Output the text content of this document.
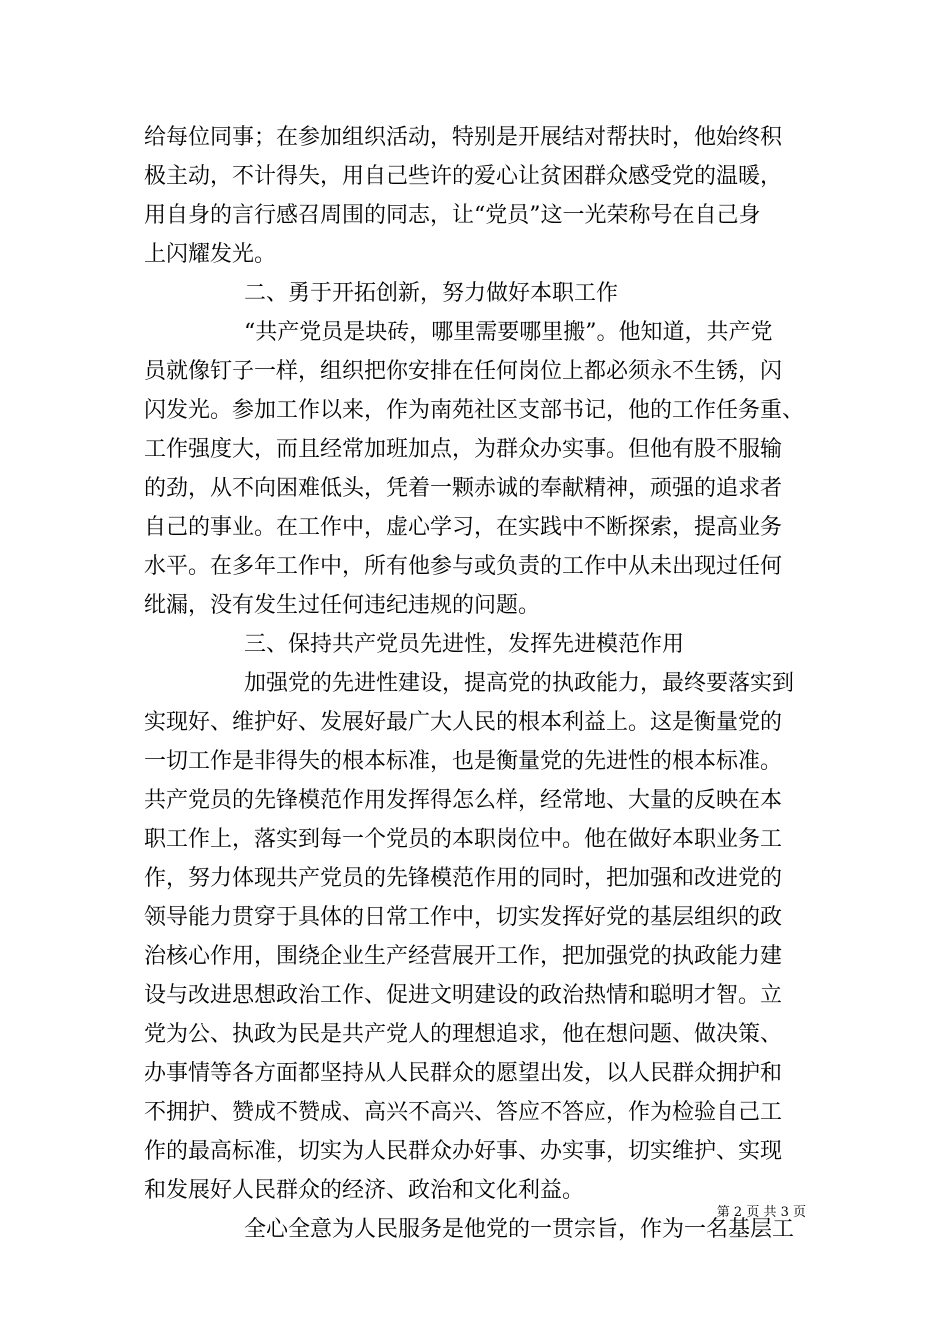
给每位同事；在参加组织活动，特别是开展结对帮扶时，他始终积
极主动，不计得失，用自己些许的爱心让贫困群众感受党的温暖，
用自身的言行感召周围的同志，让“党员”这一光荣称号在自己身
上闪耀发光。
二、勇于开拓创新，努力做好本职工作
“共产党员是块砖，哪里需要哪里搬”。他知道，共产党
员就像钉子一样，组织把你安排在任何岗位上都必须永不生锈，闪
闪发光。参加工作以来，作为南苑社区支部书记，他的工作任务重、
工作强度大，而且经常加班加点，为群众办实事。但他有股不服输
的劲，从不向困难低头，凭着一颗赤诚的奉献精神，顽强的追求者
自己的事业。在工作中，虚心学习，在实践中不断探索，提高业务
水平。在多年工作中，所有他参与或负责的工作中从未出现过任何
纰漏，没有发生过任何违纪违规的问题。
三、保持共产党员先进性，发挥先进模范作用
加强党的先进性建设，提高党的执政能力，最终要落实到
实现好、维护好、发展好最广大人民的根本利益上。这是衡量党的
一切工作是非得失的根本标准，也是衡量党的先进性的根本标准。
共产党员的先锋模范作用发挥得怎么样，经常地、大量的反映在本
职工作上，落实到每一个党员的本职岗位中。他在做好本职业务工
作，努力体现共产党员的先锋模范作用的同时，把加强和改进党的
领导能力贯穿于具体的日常工作中，切实发挥好党的基层组织的政
治核心作用，围绕企业生产经营展开工作，把加强党的执政能力建
设与改进思想政治工作、促进文明建设的政治热情和聪明才智。立
党为公、执政为民是共产党人的理想追求，他在想问题、做决策、
办事情等各方面都坚持从人民群众的愿望出发，以人民群众拥护和
不拥护、赞成不赞成、高兴不高兴、答应不答应，作为检验自己工
作的最高标准，切实为人民群众办好事、办实事，切实维护、实现
和发展好人民群众的经济、政治和文化利益。
全心全意为人民服务是他党的一贯宗旨，作为一名基层工
第 2 页 共 3 页
